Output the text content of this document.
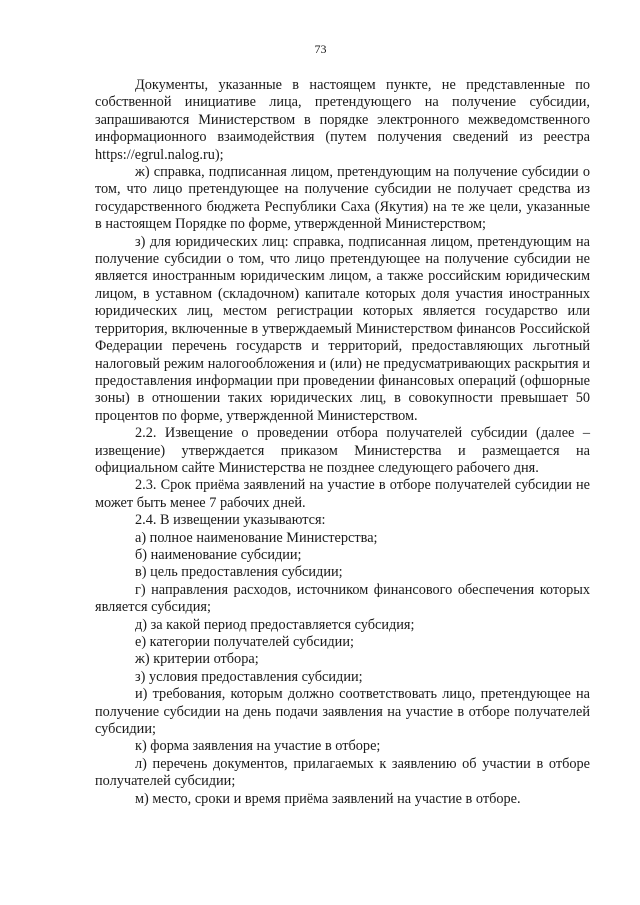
73

Документы, указанные в настоящем пункте, не представленные по собственной инициативе лица, претендующего на получение субсидии, запрашиваются Министерством в порядке электронного межведомственного информационного взаимодействия (путем получения сведений из реестра https://egrul.nalog.ru);

ж) справка, подписанная лицом, претендующим на получение субсидии о том, что лицо претендующее на получение субсидии не получает средства из государственного бюджета Республики Саха (Якутия) на те же цели, указанные в настоящем Порядке по форме, утвержденной Министерством;

з) для юридических лиц: справка, подписанная лицом, претендующим на получение субсидии о том, что лицо претендующее на получение субсидии не является иностранным юридическим лицом, а также российским юридическим лицом, в уставном (складочном) капитале которых доля участия иностранных юридических лиц, местом регистрации которых является государство или территория, включенные в утверждаемый Министерством финансов Российской Федерации перечень государств и территорий, предоставляющих льготный налоговый режим налогообложения и (или) не предусматривающих раскрытия и предоставления информации при проведении финансовых операций (офшорные зоны) в отношении таких юридических лиц, в совокупности превышает 50 процентов по форме, утвержденной Министерством.

2.2. Извещение о проведении отбора получателей субсидии (далее – извещение) утверждается приказом Министерства и размещается на официальном сайте Министерства не позднее следующего рабочего дня.

2.3. Срок приёма заявлений на участие в отборе получателей субсидии не может быть менее 7 рабочих дней.

2.4. В извещении указываются:

а) полное наименование Министерства;

б) наименование субсидии;

в) цель предоставления субсидии;

г) направления расходов, источником финансового обеспечения которых является субсидия;

д) за какой период предоставляется субсидия;

е) категории получателей субсидии;

ж) критерии отбора;

з) условия предоставления субсидии;

и) требования, которым должно соответствовать лицо, претендующее на получение субсидии на день подачи заявления на участие в отборе получателей субсидии;

к) форма заявления на участие в отборе;

л) перечень документов, прилагаемых к заявлению об участии в отборе получателей субсидии;

м) место, сроки и время приёма заявлений на участие в отборе.
